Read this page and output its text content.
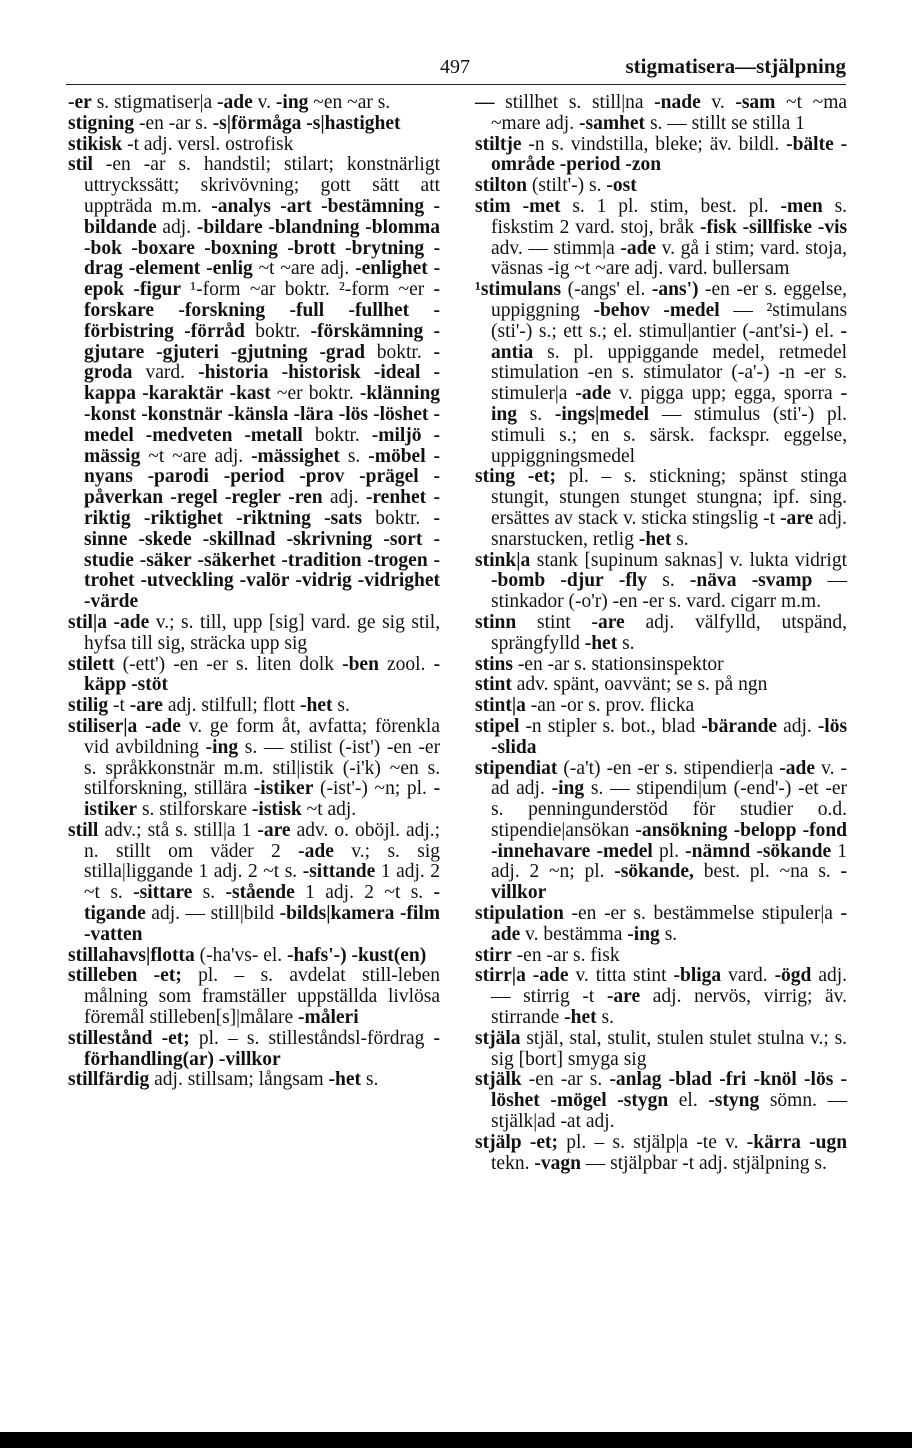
497	stigmatisera—stjälpning

-er s. stigmatiser|a -ade v. -ing ~en ~ar s.

stigning -en -ar s. -s|förmåga -s|hastighet

stikisk -t adj. versl. ostrofisk

stil -en -ar s. handstil; stilart; konstnärligt uttryckssätt; skrivövning; gott sätt att uppträda m.m. -analys -art -bestämning -bildande adj. -bildare -blandning -blomma -bok -boxare -boxning -brott -brytning -drag -element -enlig ~t ~are adj. -enlighet -epok -figur ¹-form ~ar boktr. ²-form ~er -forskare -forskning -full -fullhet -förbistring -förråd boktr. -förskämning -gjutare -gjuteri -gjutning -grad boktr. -groda vard. -historia -historisk -ideal -kappa -karaktär -kast ~er boktr. -klänning -konst -konstnär -känsla -lära -lös -löshet -medel -medveten -metall boktr. -miljö -mässig ~t ~are adj. -mässighet s. -möbel -nyans -parodi -period -prov -prägel -påverkan -regel -regler -ren adj. -renhet -riktig -riktighet -riktning -sats boktr. -sinne -skede -skillnad -skrivning -sort -studie -säker -säkerhet -tradition -trogen -trohet -utveckling -valör -vidrig -vidrighet -värde

stil|a -ade v.; s. till, upp [sig] vard. ge sig stil, hyfsa till sig, sträcka upp sig

stilett (-ett') -en -er s. liten dolk -ben zool. -käpp -stöt

stilig -t -are adj. stilfull; flott -het s.

stiliser|a -ade v. ge form åt, avfatta; förenkla vid avbildning -ing s. — stilist (-ist') -en -er s. språkkonstnär m.m. stil|istik (-i'k) ~en s. stilforskning, stillära -istiker (-ist'-) ~n; pl. -istiker s. stilforskare -istisk ~t adj.

still adv.; stå s. still|a 1 -are adv. o. oböjl. adj.; n. stillt om väder 2 -ade v.; s. sig stilla|liggande 1 adj. 2 ~t s. -sittande 1 adj. 2 ~t s. -sittare s. -stående 1 adj. 2 ~t s. -tigande adj. — still|bild -bilds|kamera -film -vatten

stillahavs|flotta (-ha'vs- el. -hafs'-) -kust(en)

stilleben -et; pl. – s. avdelat still-leben målning som framställer uppställda livlösa föremål stilleben[s]|målare -måleri

stillestånd -et; pl. – s. stilleståndsl-fördrag -förhandling(ar) -villkor

stillfärdig adj. stillsam; långsam -het s.

— stillhet s. still|na -nade v. -sam ~t ~ma ~mare adj. -samhet s. — stillt se stilla 1

stiltje -n s. vindstilla, bleke; äv. bildl. -bälte -område -period -zon

stilton (stilt'-) s. -ost

stim -met s. 1 pl. stim, best. pl. -men s. fiskstim 2 vard. stoj, bråk -fisk -sillfiske -vis adv. — stimm|a -ade v. gå i stim; vard. stoja, väsnas -ig ~t ~are adj. vard. bullersam

¹stimulans (-angs' el. -ans') -en -er s. eggelse, uppiggning -behov -medel — ²stimulans (sti'-) s.; ett s.; el. stimul|antier (-ant'si-) el. -antia s. pl. uppiggande medel, retmedel stimulation -en s. stimulator (-a'-) -n -er s. stimuler|a -ade v. pigga upp; egga, sporra -ing s. -ings|medel — stimulus (sti'-) pl. stimuli s.; en s. särsk. fackspr. eggelse, uppiggningsmedel

sting -et; pl. – s. stickning; spänst stinga stungit, stungen stunget stungna; ipf. sing. ersättes av stack v. sticka stingslig -t -are adj. snarstucken, retlig -het s.

stink|a stank [supinum saknas] v. lukta vidrigt -bomb -djur -fly s. -näva -svamp — stinkador (-o'r) -en -er s. vard. cigarr m.m.

stinn stint -are adj. välfylld, utspänd, sprängfylld -het s.

stins -en -ar s. stationsinspektor

stint adv. spänt, oavvänt; se s. på ngn

stint|a -an -or s. prov. flicka

stipel -n stipler s. bot., blad -bärande adj. -lös -slida

stipendiat (-a't) -en -er s. stipendier|a -ade v. -ad adj. -ing s. — stipendi|um (-end'-) -et -er s. penningunderstöd för studier o.d. stipendie|ansökan -ansökning -belopp -fond -innehavare -medel pl. -nämnd -sökande 1 adj. 2 ~n; pl. -sökande, best. pl. ~na s. -villkor

stipulation -en -er s. bestämmelse stipuler|a -ade v. bestämma -ing s.

stirr -en -ar s. fisk

stirr|a -ade v. titta stint -bliga vard. -ögd adj. — stirrig -t -are adj. nervös, virrig; äv. stirrande -het s.

stjäla stjäl, stal, stulit, stulen stulet stulna v.; s. sig [bort] smyga sig

stjälk -en -ar s. -anlag -blad -fri -knöl -lös -löshet -mögel -stygn el. -styng sömn. — stjälk|ad -at adj.

stjälp -et; pl. – s. stjälp|a -te v. -kärra -ugn tekn. -vagn — stjälpbar -t adj. stjälpning s.
